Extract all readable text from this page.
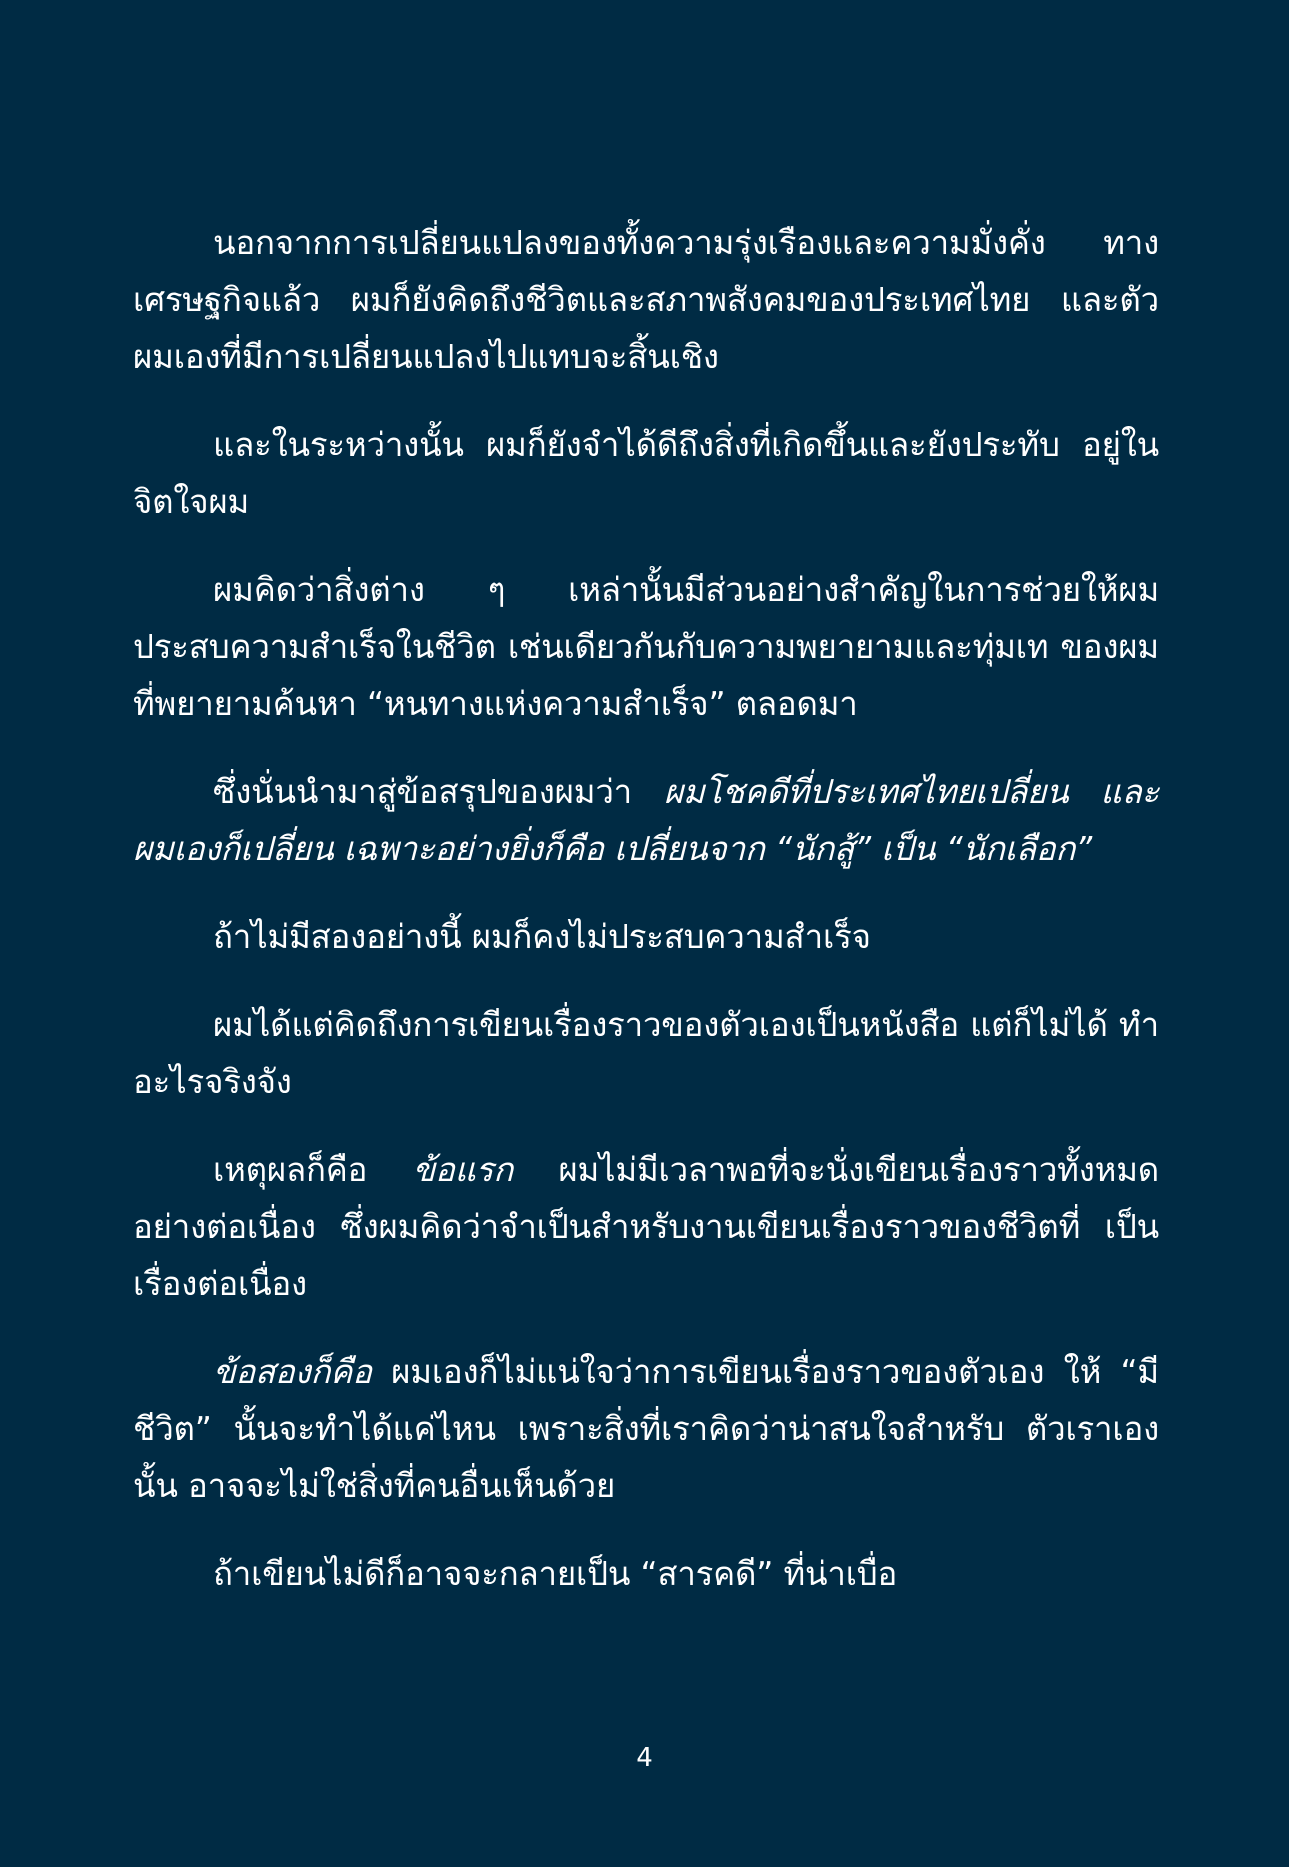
นอกจากการเปลี่ยนแปลงของทั้งความรุ่งเรืองและความมั่งคั่ง ทางเศรษฐกิจแล้ว ผมก็ยังคิดถึงชีวิตและสภาพสังคมของประเทศไทย และตัวผมเองที่มีการเปลี่ยนแปลงไปแทบจะสิ้นเชิง

และในระหว่างนั้น ผมก็ยังจำได้ดีถึงสิ่งที่เกิดขึ้นและยังประทับ อยู่ในจิตใจผม

ผมคิดว่าสิ่งต่าง ๆ เหล่านั้นมีส่วนอย่างสำคัญในการช่วยให้ผม ประสบความสำเร็จในชีวิต เช่นเดียวกันกับความพยายามและทุ่มเท ของผมที่พยายามค้นหา “หนทางแห่งความสำเร็จ” ตลอดมา

ซึ่งนั่นนำมาสู่ข้อสรุปของผมว่า ผมโชคดีที่ประเทศไทยเปลี่ยน และ ผมเองก็เปลี่ยน เฉพาะอย่างยิ่งก็คือ เปลี่ยนจาก “นักสู้” เป็น “นักเลือก”

ถ้าไม่มีสองอย่างนี้ ผมก็คงไม่ประสบความสำเร็จ

ผมได้แต่คิดถึงการเขียนเรื่องราวของตัวเองเป็นหนังสือ แต่ก็ไม่ได้ ทำอะไรจริงจัง

เหตุผลก็คือ ข้อแรก ผมไม่มีเวลาพอที่จะนั่งเขียนเรื่องราวทั้งหมด อย่างต่อเนื่อง ซึ่งผมคิดว่าจำเป็นสำหรับงานเขียนเรื่องราวของชีวิตที่ เป็นเรื่องต่อเนื่อง

ข้อสองก็คือ ผมเองก็ไม่แน่ใจว่าการเขียนเรื่องราวของตัวเอง ให้ “มีชีวิต” นั้นจะทำได้แค่ไหน เพราะสิ่งที่เราคิดว่าน่าสนใจสำหรับ ตัวเราเองนั้น อาจจะไม่ใช่สิ่งที่คนอื่นเห็นด้วย

ถ้าเขียนไม่ดีก็อาจจะกลายเป็น “สารคดี” ที่น่าเบื่อ

4
